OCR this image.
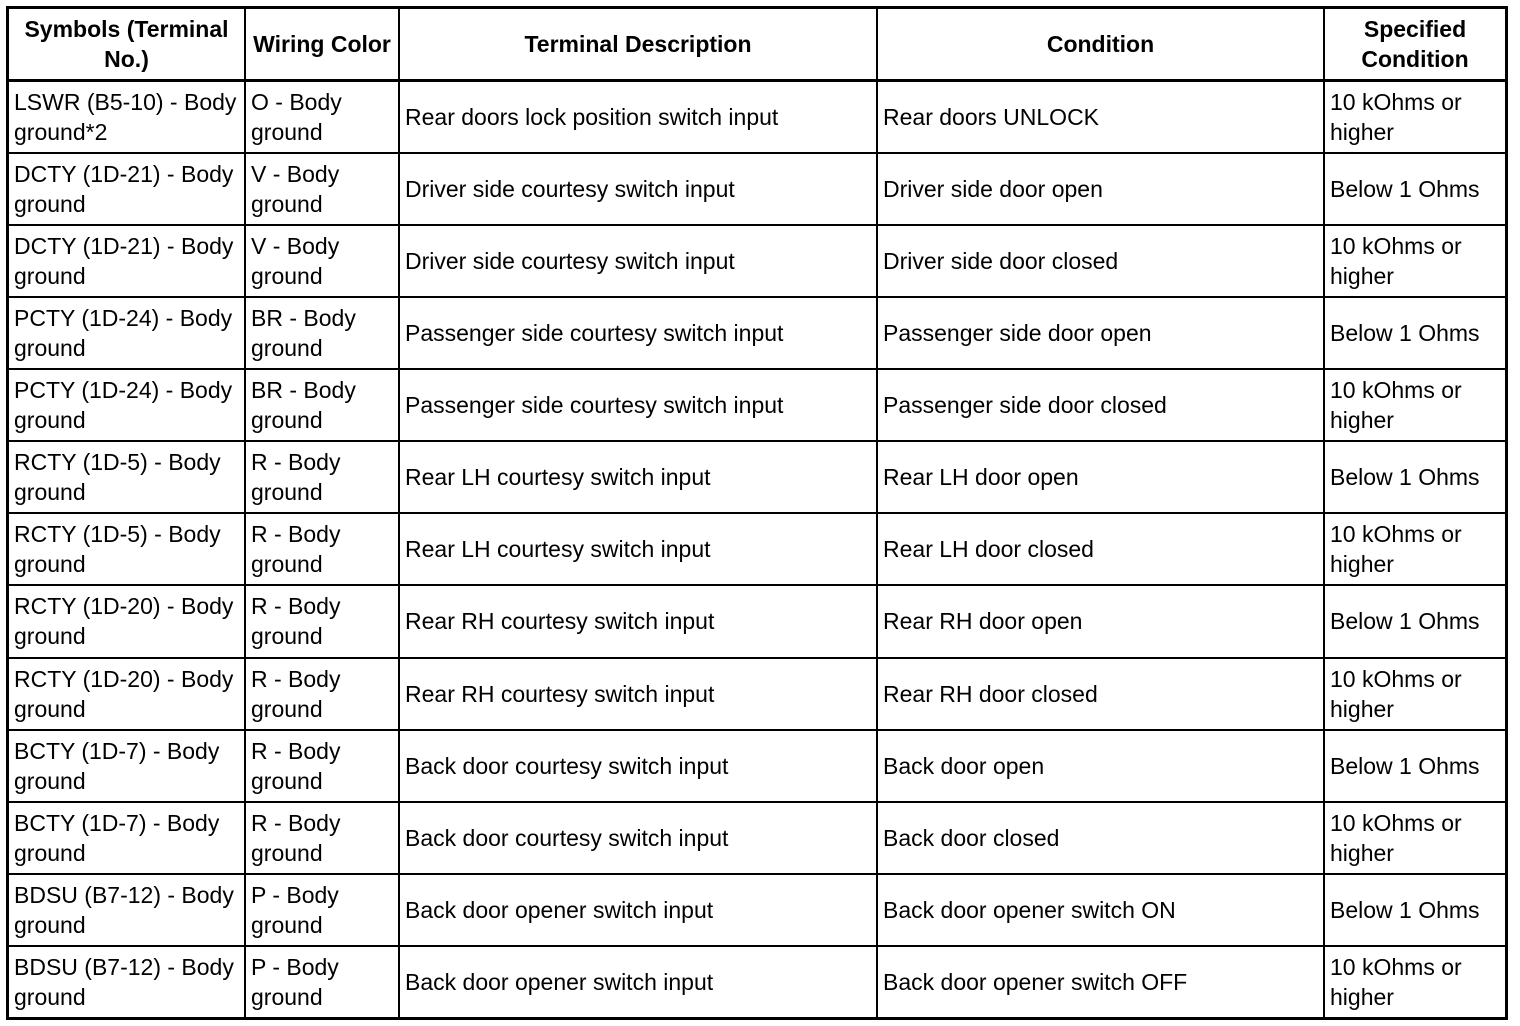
Symbols (Terminal No.)	Wiring Color	Terminal Description	Condition	Specified Condition
LSWR (B5-10) - Body ground*2	O - Body ground	Rear doors lock position switch input	Rear doors UNLOCK	10 kOhms or higher
DCTY (1D-21) - Body ground	V - Body ground	Driver side courtesy switch input	Driver side door open	Below 1 Ohms
DCTY (1D-21) - Body ground	V - Body ground	Driver side courtesy switch input	Driver side door closed	10 kOhms or higher
PCTY (1D-24) - Body ground	BR - Body ground	Passenger side courtesy switch input	Passenger side door open	Below 1 Ohms
PCTY (1D-24) - Body ground	BR - Body ground	Passenger side courtesy switch input	Passenger side door closed	10 kOhms or higher
RCTY (1D-5) - Body ground	R - Body ground	Rear LH courtesy switch input	Rear LH door open	Below 1 Ohms
RCTY (1D-5) - Body ground	R - Body ground	Rear LH courtesy switch input	Rear LH door closed	10 kOhms or higher
RCTY (1D-20) - Body ground	R - Body ground	Rear RH courtesy switch input	Rear RH door open	Below 1 Ohms
RCTY (1D-20) - Body ground	R - Body ground	Rear RH courtesy switch input	Rear RH door closed	10 kOhms or higher
BCTY (1D-7) - Body ground	R - Body ground	Back door courtesy switch input	Back door open	Below 1 Ohms
BCTY (1D-7) - Body ground	R - Body ground	Back door courtesy switch input	Back door closed	10 kOhms or higher
BDSU (B7-12) - Body ground	P - Body ground	Back door opener switch input	Back door opener switch ON	Below 1 Ohms
BDSU (B7-12) - Body ground	P - Body ground	Back door opener switch input	Back door opener switch OFF	10 kOhms or higher
